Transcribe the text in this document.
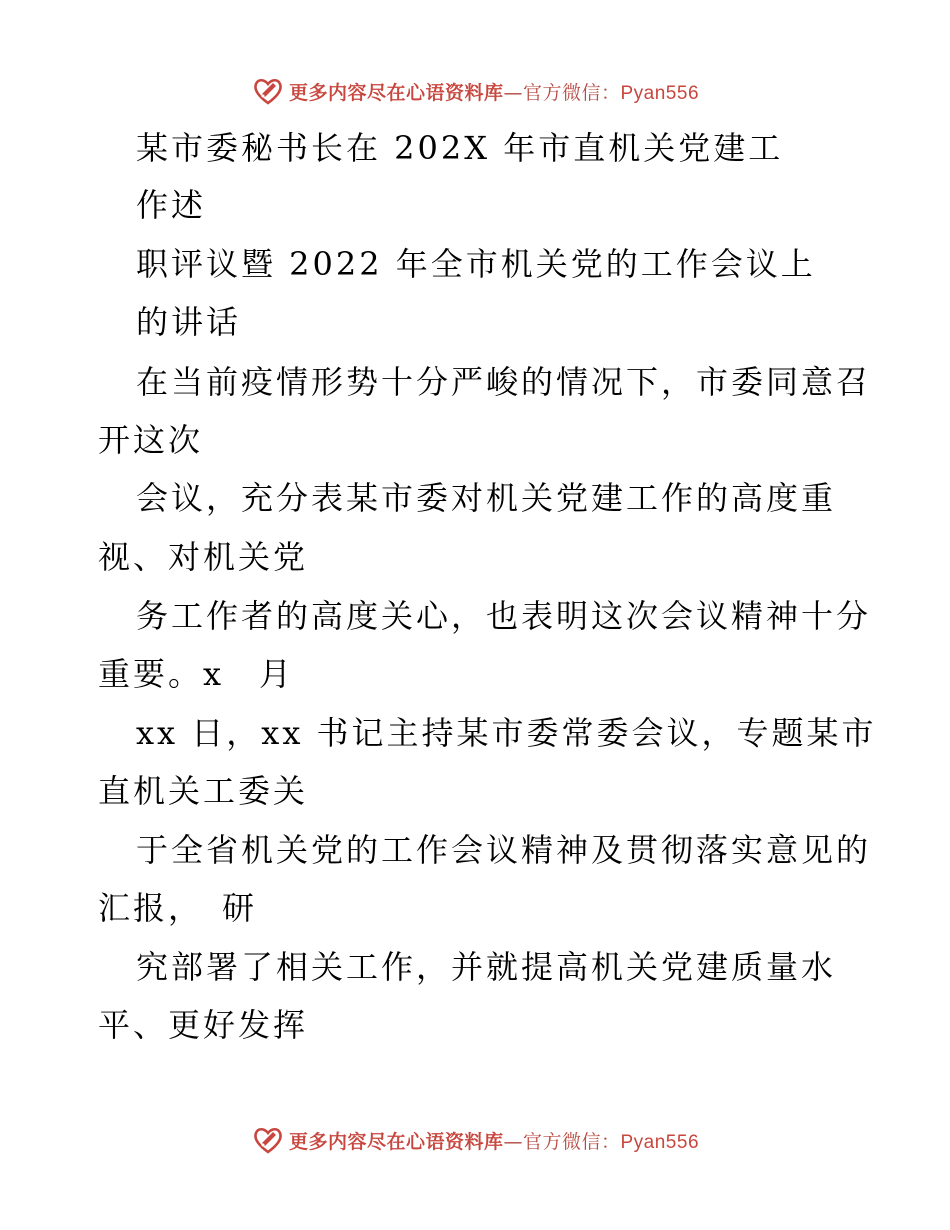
更多内容尽在心语资料库—官方微信：Pyan556
某市委秘书长在 202X 年市直机关党建工
作述
职评议暨 2022 年全市机关党的工作会议上
的讲话
在当前疫情形势十分严峻的情况下，市委同意召
开这次
会议，充分表某市委对机关党建工作的高度重
视、对机关党
务工作者的高度关心，也表明这次会议精神十分
重要。x　月
xx 日，xx 书记主持某市委常委会议，专题某市
直机关工委关
于全省机关党的工作会议精神及贯彻落实意见的
汇报，　研
究部署了相关工作，并就提高机关党建质量水
平、更好发挥
更多内容尽在心语资料库—官方微信：Pyan556
